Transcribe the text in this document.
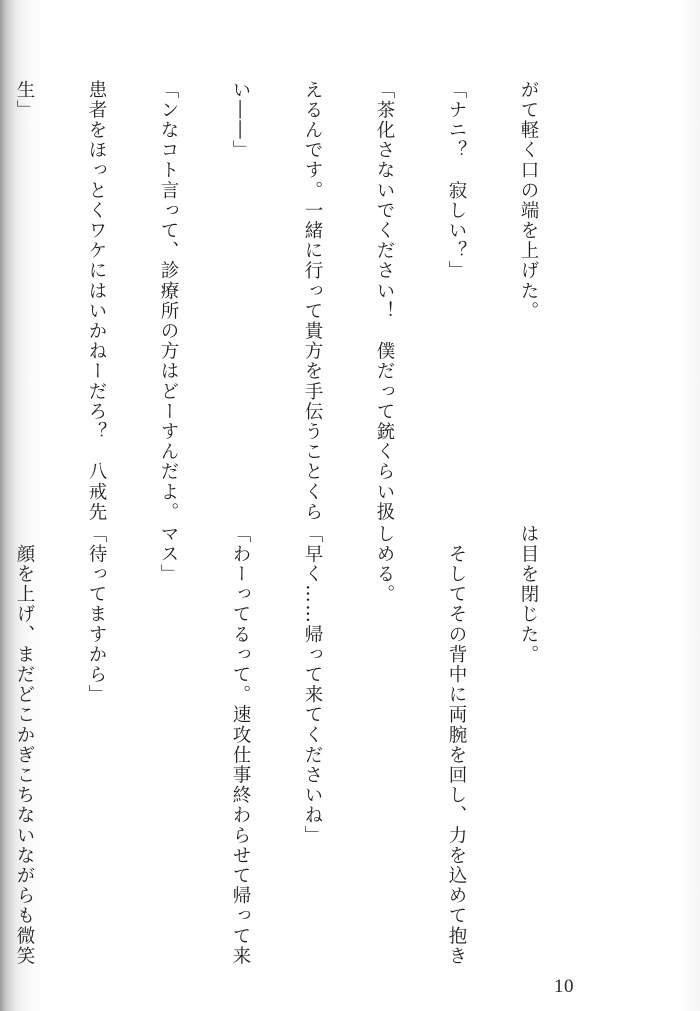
がて軽く口の端を上げた。

「ナニ？　寂しい？」

「茶化さないでください！　僕だって銃くらい扱

えるんです。一緒に行って貴方を手伝うことくら

い――」

「ンなコト言って、診療所の方はどーすんだよ。

患者をほっとくワケにはいかねーだろ？　八戒先

生」

は目を閉じた。

　そしてその背中に両腕を回し、力を込めて抱き

しめる。

「早く……帰って来てくださいね」

「わーってるって。速攻仕事終わらせて帰って来

マス」

「待ってますから」

　顔を上げ、まだどこかぎこちないながらも微笑

10
